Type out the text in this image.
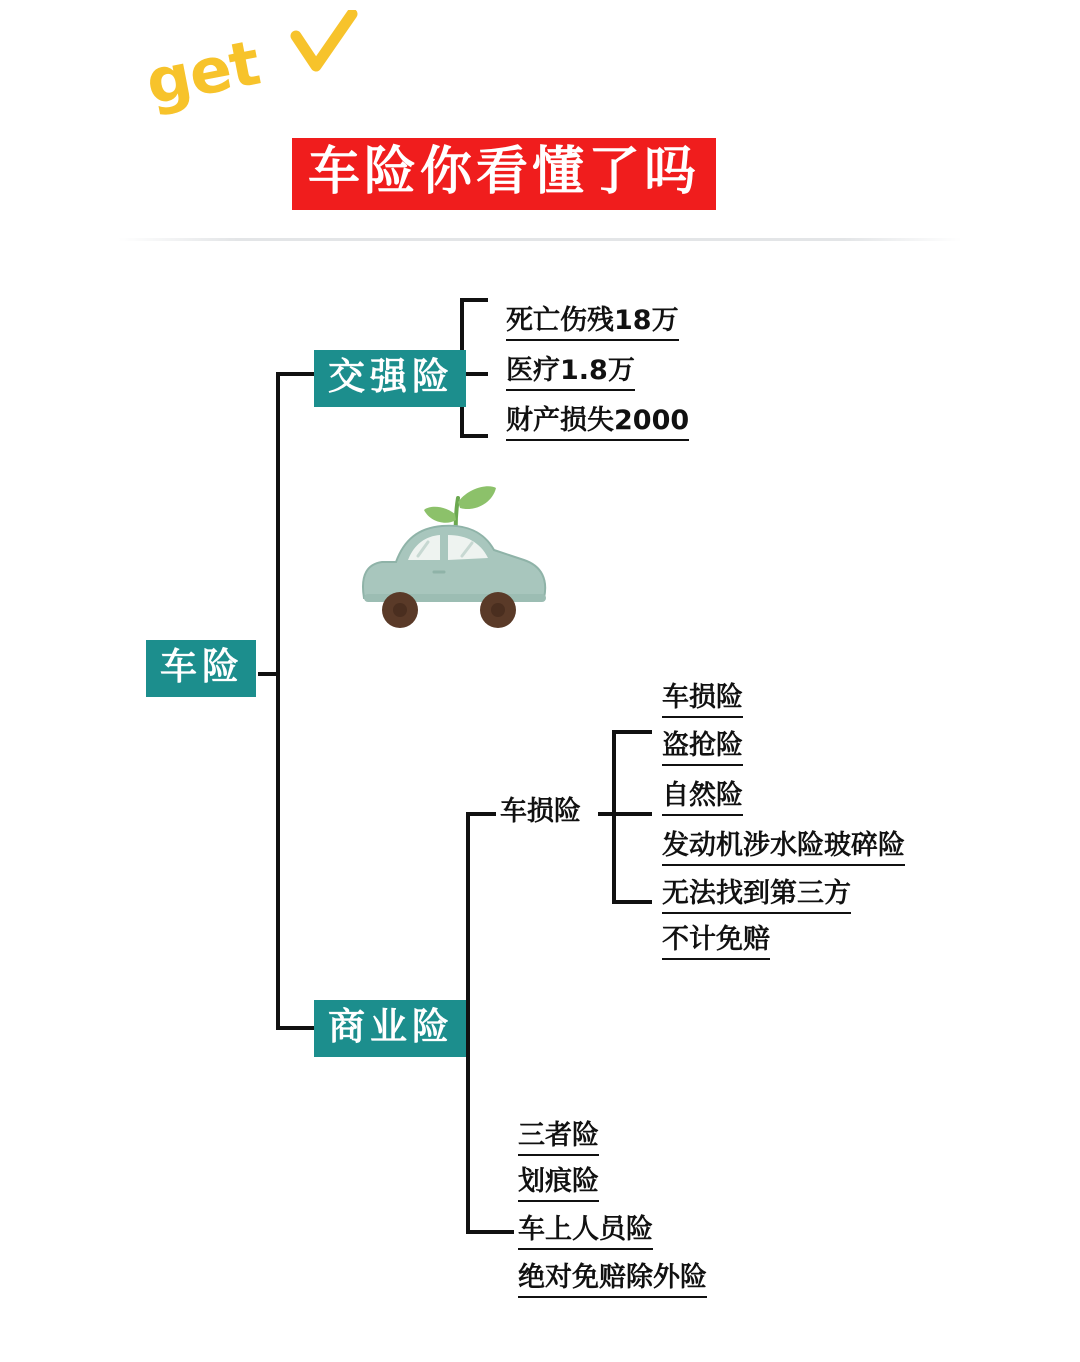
get
车险你看懂了吗
车险
交强险
商业险
死亡伤残18万
医疗1.8万
财产损失2000
车损险
车损险
盗抢险
自然险
发动机涉水险玻碎险
无法找到第三方
不计免赔
三者险
划痕险
车上人员险
绝对免赔除外险
